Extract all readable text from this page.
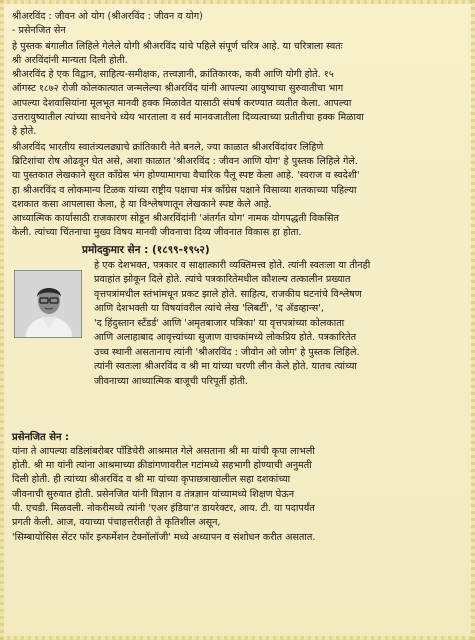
श्रीअरविंद : जीवन ओ योग (श्रीअरविंद : जीवन व योग)
- प्रसेनजित सेन
हे पुस्तक बंगालीत लिहिले गेलेले योगी श्रीअरविंद यांचे पहिले संपूर्ण चरित्र आहे. या चरित्राला स्वतः
श्री अरविंदांनी मान्यता दिली होती.
श्रीअरविंद हे एक विद्वान, साहित्य-समीक्षक, तत्त्वज्ञानी, क्रांतिकारक, कवी आणि योगी होते. १५
ऑगस्ट १८७२ रोजी कोलकात्यात जन्मलेल्या श्रीअरविंद यांनी आपल्या आयुष्याचा सुरुवातीचा भाग
आपल्या देशवासियांना मूलभूत मानवी हक्क मिळावेत यासाठी संघर्ष करण्यात व्यतीत केला. आपल्या
उत्तरायुष्यातील त्यांच्या साधनेचे ध्येय भारताला व सर्व मानवजातीला दिव्यत्वाच्या प्रतीतीचा हक्क मिळावा
हे होते.
श्रीअरविंद भारतीय स्वातंत्र्यलढ्याचे क्रांतिकारी नेते बनले, ज्या काळात श्रीअरविंदांवर लिहिणे
ब्रिटिशांचा रोष ओढवून घेत असे, अशा काळात 'श्रीअरविंद : जीवन आणि योग' हे पुस्तक लिहिले गेले.
या पुस्तकात लेखकाने सुरत काँग्रेस भंग होण्यामागचा वैचारिक पैलू स्पष्ट केला आहे. 'स्वराज व स्वदेशी'
हा श्रीअरविंद व लोकमान्य टिळक यांच्या राष्ट्रीय पक्षाचा मंत्र काँग्रेस पक्षाने विसाव्या शतकाच्या पहिल्या
दशकात कसा आपलासा केला, हे या विश्लेषणातून लेखकाने स्पष्ट केले आहे.
आध्यात्मिक कार्यासाठी राजकारण सोडून श्रीअरविंदांनी 'अंतर्गत योग' नामक योगपद्धती विकसित
केली. त्यांच्या चिंतनाचा मुख्य विषय मानवी जीवनाचा दिव्य जीवनात विकास हा होता.
प्रमोदकुमार सेन : (१८९९-१९५२)
हे एक देशभक्त, पत्रकार व साक्षात्कारी व्यक्तिमत्त्व होते. त्यांनी स्वतःला या तीनही
प्रवाहांत झोकून दिले होते. त्यांचे पत्रकारितेमधील कौशल्य तत्कालीन प्रख्यात
वृत्तपत्रांमधील स्तंभांमधून प्रकट झाले होते. साहित्य, राजकीय घटनांचे विश्लेषण
आणि देशभक्ती या विषयांवरील त्यांचे लेख 'लिबर्टी', 'द ॲडव्हान्स',
'द हिंदुस्तान स्टँडर्ड' आणि 'अमृतबाजार पत्रिका' या वृत्तपत्रांच्या कोलकाता
आणि अलाहाबाद आवृत्त्यांच्या सुजाण वाचकांमध्ये लोकप्रिय होते. पत्रकारितेत
उच्च स्थानी असतानाच त्यांनी 'श्रीअरविंद : जीवोन ओ जोग' हे पुस्तक लिहिले.
त्यांनी स्वतःला श्रीअरविंद व श्री मा यांच्या चरणी लीन केले होते. यातच त्यांच्या
जीवनाच्या आध्यात्मिक बाजूची परिपूर्ती होती.
प्रसेनजित सेन :
यांना ते आपल्या वडिलांबरोबर पाँडिचेरी आश्रमात गेले असताना श्री मा यांची कृपा लाभली
होती. श्री मा यांनी त्यांना आश्रमाच्या क्रीडांगणावरील गटांमध्ये सहभागी होण्याची अनुमती
दिली होती. ही त्यांच्या श्रीअरविंद व श्री मा यांच्या कृपाछत्राखालील सहा दशकांच्या
जीवनाची सुरुवात होती. प्रसेनजित यांनी विज्ञान व तंत्रज्ञान यांच्यामध्ये शिक्षण घेऊन
पी. एचडी. मिळवली. नोकरीमध्ये त्यांनी 'एअर इंडिया'त डायरेक्टर, आय. टी. या पदापर्यंत
प्रगती केली. आज, वयाच्या पंचाहत्तरीतही ते कृतिशील असून,
'सिम्बायोसिस सेंटर फॉर इन्फर्मेशन टेक्नॉलॉजी' मध्ये अध्यापन व संशोधन करीत असतात.
